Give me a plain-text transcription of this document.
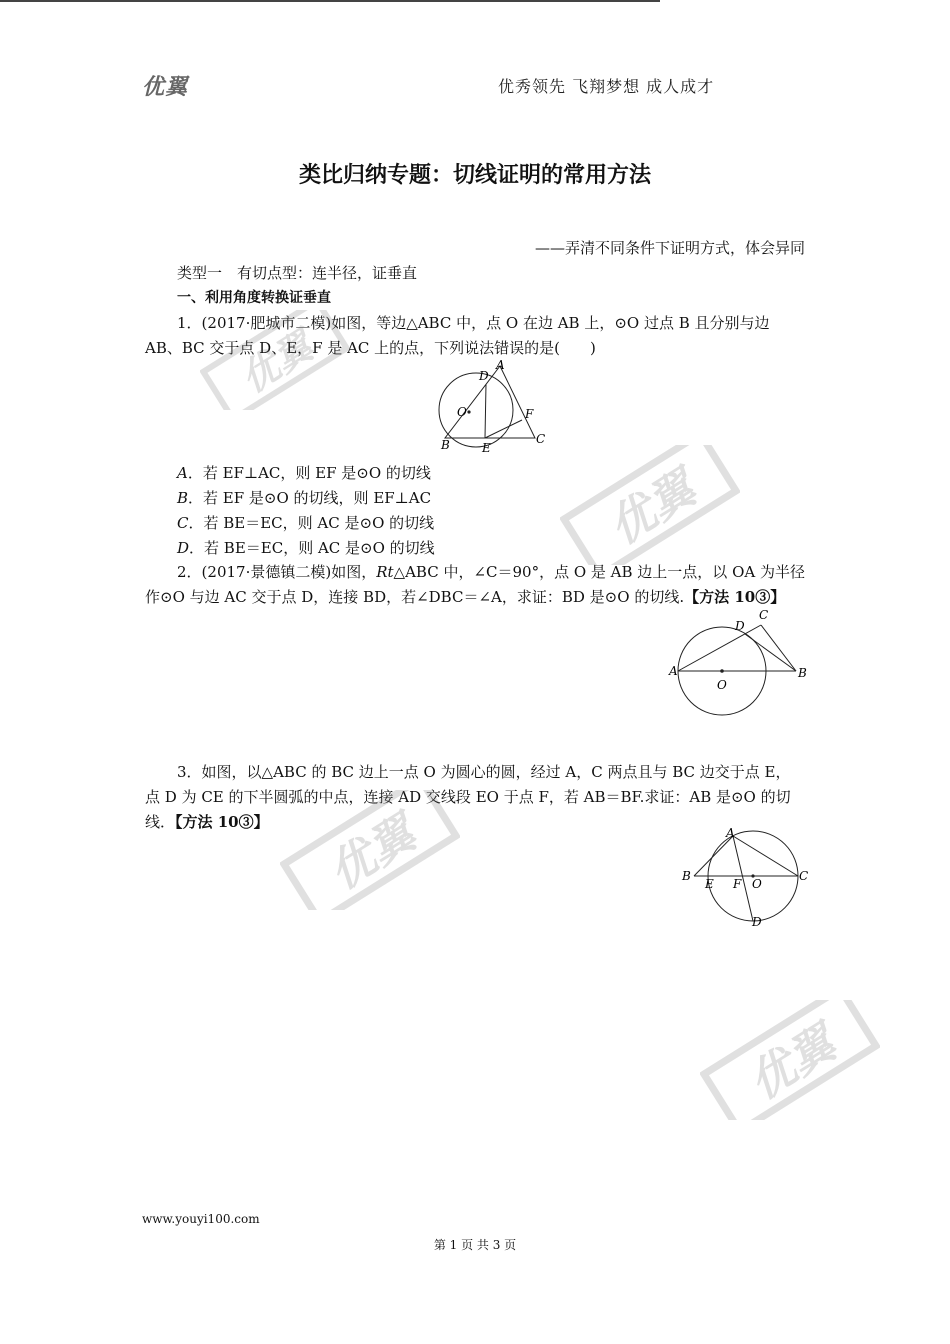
优翼	优秀领先 飞翔梦想 成人成才
类比归纳专题：切线证明的常用方法
——弄清不同条件下证明方式，体会异同
类型一　有切点型：连半径，证垂直
一、利用角度转换证垂直
1．(2017·肥城市二模)如图，等边△ABC 中，点 O 在边 AB 上，⊙O 过点 B 且分别与边
AB、BC 交于点 D、E，F 是 AC 上的点，下列说法错误的是(　　)
A
D
O	F
B	E
C
A．若 EF⊥AC，则 EF 是⊙O 的切线
B．若 EF 是⊙O 的切线，则 EF⊥AC
C．若 BE＝EC，则 AC 是⊙O 的切线
D．若 BE＝EC，则 AC 是⊙O 的切线
2．(2017·景德镇二模)如图，Rt△ABC 中，∠C＝90°，点 O 是 AB 边上一点，以 OA 为半径
作⊙O 与边 AC 交于点 D，连接 BD，若∠DBC＝∠A，求证：BD 是⊙O 的切线.【方法 10③】
A
O
B
D
C
3．如图，以△ABC 的 BC 边上一点 O 为圆心的圆，经过 A，C 两点且与 BC 边交于点 E，
点 D 为 CE 的下半圆弧的中点，连接 AD 交线段 EO 于点 F，若 AB＝BF.求证：AB 是⊙O 的切
线．【方法 10③】
A
B
E F O
C
D
优翼
优翼
优翼
优翼
www.youyi100.com
第 1 页 共 3 页
